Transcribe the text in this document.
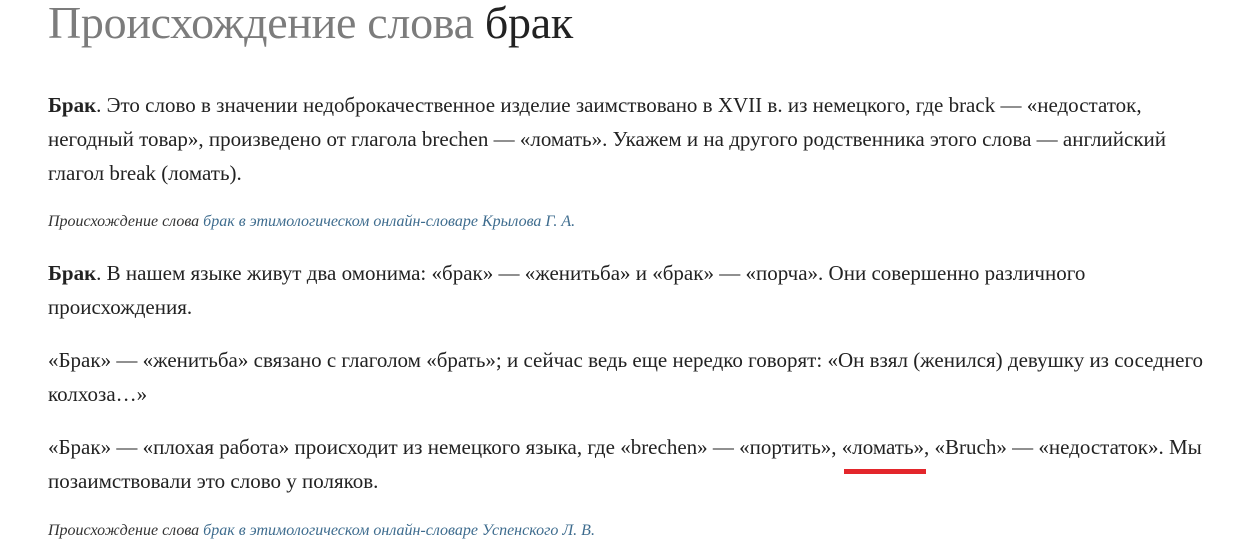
Происхождение слова брак

Брак. Это слово в значении недоброкачественное изделие заимствовано в XVII в. из немецкого, где brack — «недостаток, негодный товар», произведено от глагола brechen — «ломать». Укажем и на другого родственника этого слова — английский глагол break (ломать).

Происхождение слова брак в этимологическом онлайн-словаре Крылова Г. А.

Брак. В нашем языке живут два омонима: «брак» — «женитьба» и «брак» — «порча». Они совершенно различного происхождения.

«Брак» — «женитьба» связано с глаголом «брать»; и сейчас ведь еще нередко говорят: «Он взял (женился) девушку из соседнего колхоза…»

«Брак» — «плохая работа» происходит из немецкого языка, где «brechen» — «портить», «ломать»
, «Bruch» — «недостаток». Мы позаимствовали это слово у поляков.

Происхождение слова брак в этимологическом онлайн-словаре Успенского Л. В.
